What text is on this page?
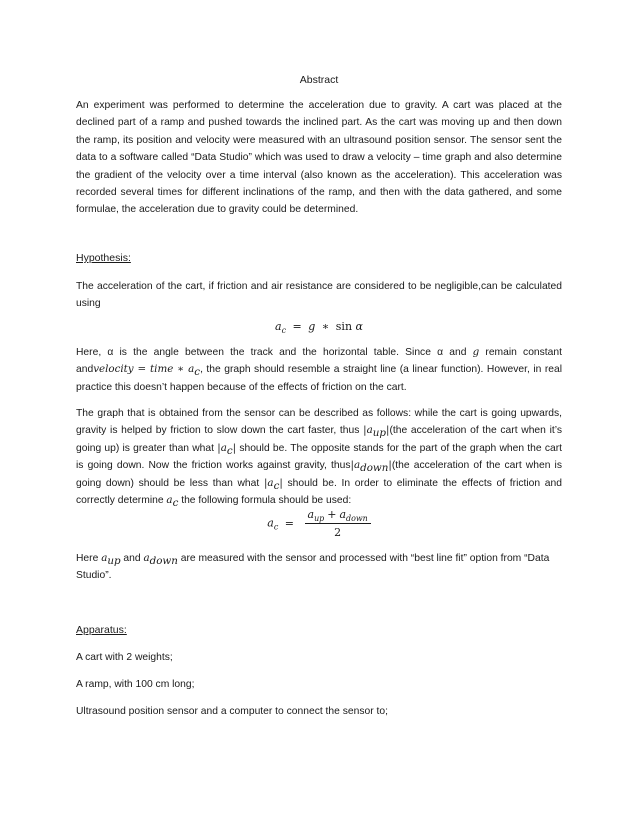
Abstract

An experiment was performed to determine the acceleration due to gravity. A cart was placed at the declined part of a ramp and pushed towards the inclined part. As the cart was moving up and then down the ramp, its position and velocity were measured with an ultrasound position sensor. The sensor sent the data to a software called “Data Studio” which was used to draw a velocity – time graph and also determine the gradient of the velocity over a time interval (also known as the acceleration). This acceleration was recorded several times for different inclinations of the ramp, and then with the data gathered, and some formulae, the acceleration due to gravity could be determined.

Hypothesis:

The acceleration of the cart, if friction and air resistance are considered to be negligible,can be calculated using

$a_c = g$ ∗ sin α

Here, α is the angle between the track and the horizontal table. Since α and g remain constant andvelocity = time ∗ $a_c$, the graph should resemble a straight line (a linear function). However, in real practice this doesn’t happen because of the effects of friction on the cart.

The graph that is obtained from the sensor can be described as follows: while the cart is going upwards, gravity is helped by friction to slow down the cart faster, thus $|a_{up}|(the$ acceleration of the cart when it’s going up) is greater than what $|a_c|$ should be. The opposite stands for the part of the graph when the cart is going down. Now the friction works against gravity, $thus|a_{down}|(the$ acceleration of the cart when is going down) should be less than what $|a_c|$ should be. In order to eliminate the effects of friction and correctly determine $a_c$ the following formula should be used:

$a_c = \frac{a_{up} + a_{down}}{2}$

Here $a_{up}$ and $a_{down}$ are measured with the sensor and processed with “best line fit” option from “Data Studio”.

Apparatus:

A cart with 2 weights;

A ramp, with 100 cm long;

Ultrasound position sensor and a computer to connect the sensor to;
